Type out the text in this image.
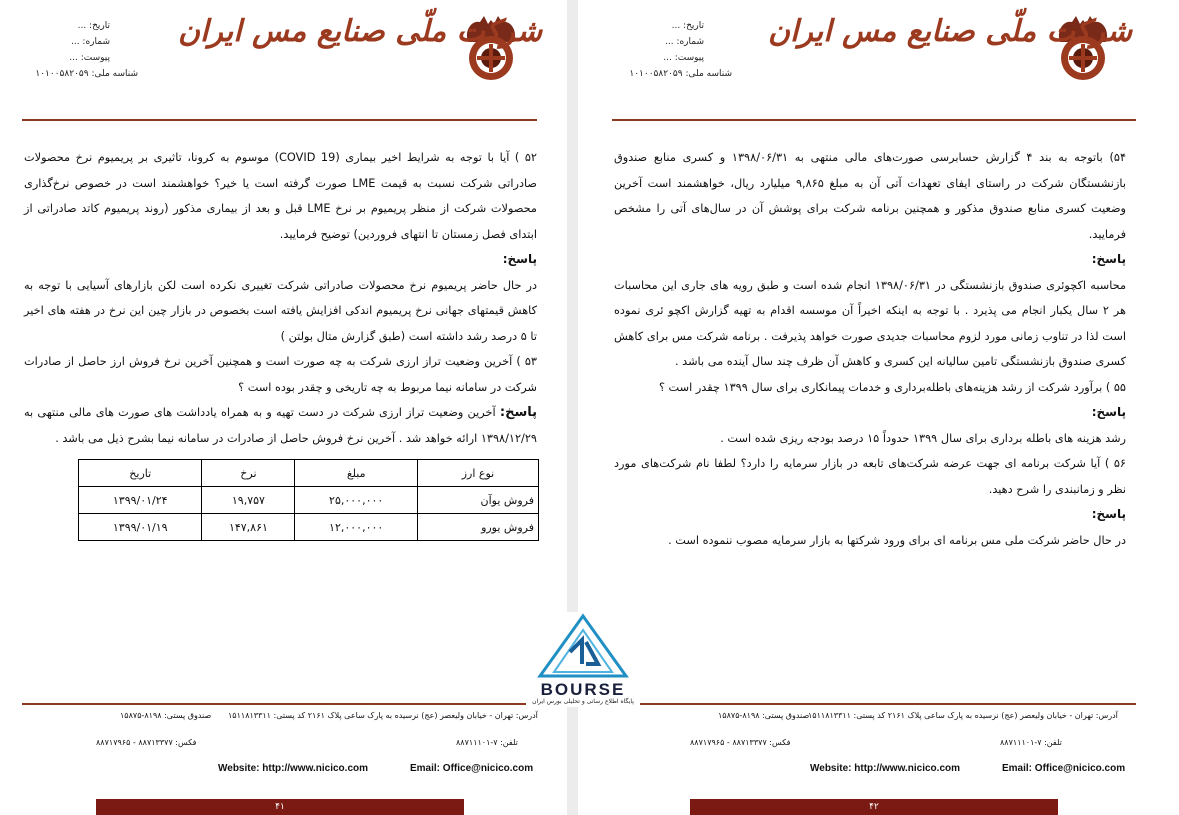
شرکت ملّی صنایع مس ایران
تاریخ: ...
شماره: ...
پیوست: ...
شناسه ملی: ۱۰۱۰۰۵۸۲۰۵۹

۵۲ ) آیا با توجه به شرایط اخیر بیماری (COVID 19) موسوم به کرونا، تاثیری بر پریمیوم نرخ محصولات صادراتی شرکت نسبت به قیمت LME صورت گرفته است یا خیر؟ خواهشمند است در خصوص نرخ‌گذاری محصولات شرکت از منظر پریمیوم بر نرخ LME قبل و بعد از بیماری مذکور (روند پریمیوم کاتد صادراتی از ابتدای فصل زمستان تا انتهای فروردین) توضیح فرمایید.

پاسخ:

در حال حاضر پریمیوم نرخ محصولات صادراتی شرکت تغییری نکرده است لکن بازارهای آسیایی با توجه به کاهش قیمتهای جهانی نرخ پریمیوم اندکی افزایش یافته است بخصوص در بازار چین این نرخ در هفته های اخیر تا ۵ درصد رشد داشته است (طبق گزارش متال بولتن )

۵۳ ) آخرین وضعیت تراز ارزی شرکت به چه صورت است و همچنین آخرین نرخ فروش ارز حاصل از صادرات شرکت در سامانه نیما مربوط به چه تاریخی و چقدر بوده است ؟

پاسخ: آخرین وضعیت تراز ارزی شرکت در دست تهیه و به همراه یادداشت های صورت های مالی منتهی به ۱۳۹۸/۱۲/۲۹ ارائه خواهد شد . آخرین نرخ فروش حاصل از صادرات در سامانه نیما بشرح ذیل می باشد .

نوع ارز	مبلغ	نرخ	تاریخ
فروش یوآن	۲۵,۰۰۰,۰۰۰	۱۹,۷۵۷	۱۳۹۹/۰۱/۲۴
فروش یورو	۱۲,۰۰۰,۰۰۰	۱۴۷,۸۶۱	۱۳۹۹/۰۱/۱۹
آدرس: تهران - خیابان ولیعصر (عج) نرسیده به پارک ساعی پلاک ۲۱۶۱ کد پستی: ۱۵۱۱۸۱۳۳۱۱
صندوق پستی: ۸۱۹۸-۱۵۸۷۵
تلفن: ۷-۸۸۷۱۱۱۰۱
فکس: ۸۸۷۱۳۳۷۷ - ۸۸۷۱۷۹۶۵
Email: Office@nicico.com
Website: http://www.nicico.com
۴۱
شرکت ملّی صنایع مس ایران
تاریخ: ...
شماره: ...
پیوست: ...
شناسه ملی: ۱۰۱۰۰۵۸۲۰۵۹

۵۴) باتوجه به بند ۴ گزارش حسابرسی صورت‌های مالی منتهی به ۱۳۹۸/۰۶/۳۱ و کسری منابع صندوق بازنشستگان شرکت در راستای ایفای تعهدات آتی آن به مبلغ ۹,۸۶۵ میلیارد ریال، خواهشمند است آخرین وضعیت کسری منابع صندوق مذکور و همچنین برنامه شرکت برای پوشش آن در سال‌های آتی را مشخص فرمایید.

پاسخ:

محاسبه اکچوئری صندوق بازنشستگی در ۱۳۹۸/۰۶/۳۱ انجام شده است و طبق رویه های جاری این محاسبات هر ۲ سال یکبار انجام می پذیرد . با توجه به اینکه اخیراً آن موسسه اقدام به تهیه گزارش اکچو ئری نموده است لذا در تناوب زمانی مورد لزوم محاسبات جدیدی صورت خواهد پذیرفت . برنامه شرکت مس برای کاهش کسری صندوق بازنشستگی تامین سالیانه این کسری و کاهش آن ظرف چند سال آینده می باشد .

۵۵ ) برآورد شرکت از رشد هزینه‌های باطله‌برداری و خدمات پیمانکاری برای سال ۱۳۹۹ چقدر است ؟

پاسخ:

رشد هزینه های باطله برداری برای سال ۱۳۹۹ حدوداً ۱۵ درصد بودجه ریزی شده است .

۵۶ ) آیا شرکت برنامه ای جهت عرضه شرکت‌های تابعه در بازار سرمایه را دارد؟ لطفا نام شرکت‌های مورد نظر و زمانبندی را شرح دهید.

پاسخ:

در حال حاضر شرکت ملی مس برنامه ای برای ورود شرکتها به بازار سرمایه مصوب ننموده است .

آدرس: تهران - خیابان ولیعصر (عج) نرسیده به پارک ساعی پلاک ۲۱۶۱ کد پستی: ۱۵۱۱۸۱۳۳۱۱
صندوق پستی: ۸۱۹۸-۱۵۸۷۵
تلفن: ۷-۸۸۷۱۱۱۰۱
فکس: ۸۸۷۱۳۳۷۷ - ۸۸۷۱۷۹۶۵
Email: Office@nicico.com
Website: http://www.nicico.com
۴۲
BOURSE
پایگاه اطلاع رسانی و تحلیلی بورس ایران
